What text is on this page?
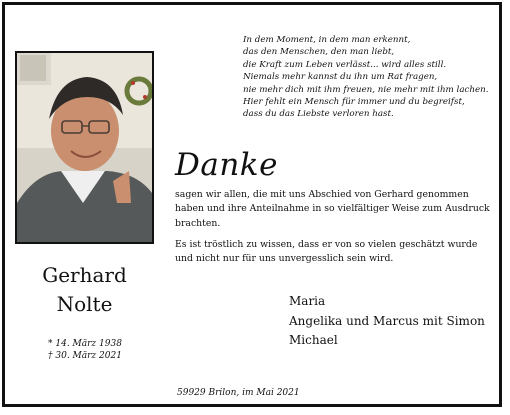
In dem Moment, in dem man erkennt,
das den Menschen, den man liebt,
die Kraft zum Leben verlässt... wird alles still.
Niemals mehr kannst du ihn um Rat fragen,
nie mehr dich mit ihm freuen, nie mehr mit ihm lachen.
Hier fehlt ein Mensch für immer und du begreifst,
dass du das Liebste verloren hast.
Danke
sagen wir allen, die mit uns Abschied von Gerhard genommen haben und ihre Anteilnahme in so vielfältiger Weise zum Ausdruck brachten.
Es ist tröstlich zu wissen, dass er von so vielen geschätzt wurde und nicht nur für uns unvergesslich sein wird.
Gerhard
Nolte
* 14. März 1938
† 30. März 2021
Maria
Angelika und Marcus mit Simon
Michael
59929 Brilon, im Mai 2021
